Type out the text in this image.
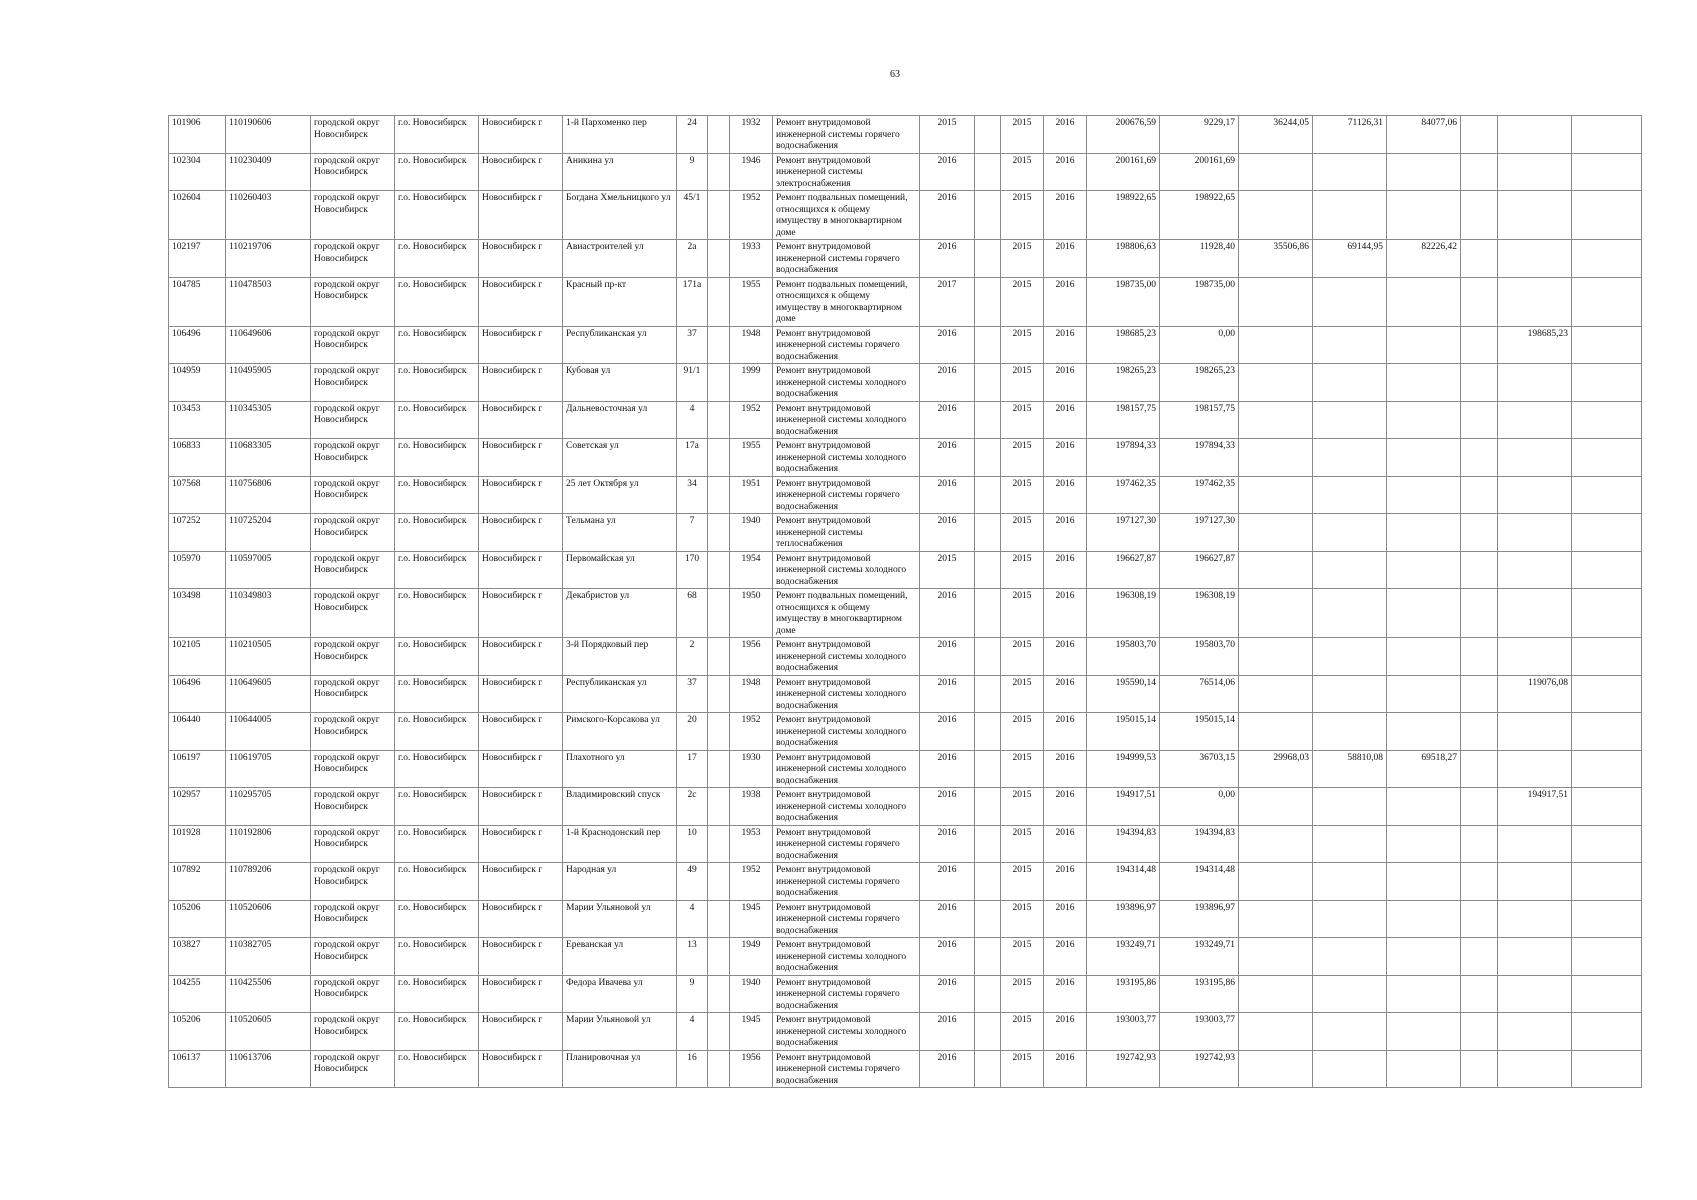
63
101906	110190606	городской округ Новосибирск	г.о. Новосибирск	Новосибирск г	1-й Пархоменко пер	24		1932	Ремонт внутридомовой инженерной системы горячего водоснабжения	2015		2015	2016	200676,59	9229,17	36244,05	71126,31	84077,06			
102304	110230409	городской округ Новосибирск	г.о. Новосибирск	Новосибирск г	Аникина ул	9		1946	Ремонт внутридомовой инженерной системы электроснабжения	2016		2015	2016	200161,69	200161,69						
102604	110260403	городской округ Новосибирск	г.о. Новосибирск	Новосибирск г	Богдана Хмельницкого ул	45/1		1952	Ремонт подвальных помещений, относящихся к общему имуществу в многоквартирном доме	2016		2015	2016	198922,65	198922,65						
102197	110219706	городской округ Новосибирск	г.о. Новосибирск	Новосибирск г	Авиастроителей ул	2а		1933	Ремонт внутридомовой инженерной системы горячего водоснабжения	2016		2015	2016	198806,63	11928,40	35506,86	69144,95	82226,42			
104785	110478503	городской округ Новосибирск	г.о. Новосибирск	Новосибирск г	Красный пр-кт	171а		1955	Ремонт подвальных помещений, относящихся к общему имуществу в многоквартирном доме	2017		2015	2016	198735,00	198735,00						
106496	110649606	городской округ Новосибирск	г.о. Новосибирск	Новосибирск г	Республиканская ул	37		1948	Ремонт внутридомовой инженерной системы горячего водоснабжения	2016		2015	2016	198685,23	0,00					198685,23	
104959	110495905	городской округ Новосибирск	г.о. Новосибирск	Новосибирск г	Кубовая ул	91/1		1999	Ремонт внутридомовой инженерной системы холодного водоснабжения	2016		2015	2016	198265,23	198265,23						
103453	110345305	городской округ Новосибирск	г.о. Новосибирск	Новосибирск г	Дальневосточная ул	4		1952	Ремонт внутридомовой инженерной системы холодного водоснабжения	2016		2015	2016	198157,75	198157,75						
106833	110683305	городской округ Новосибирск	г.о. Новосибирск	Новосибирск г	Советская ул	17а		1955	Ремонт внутридомовой инженерной системы холодного водоснабжения	2016		2015	2016	197894,33	197894,33						
107568	110756806	городской округ Новосибирск	г.о. Новосибирск	Новосибирск г	25 лет Октября ул	34		1951	Ремонт внутридомовой инженерной системы горячего водоснабжения	2016		2015	2016	197462,35	197462,35						
107252	110725204	городской округ Новосибирск	г.о. Новосибирск	Новосибирск г	Тельмана ул	7		1940	Ремонт внутридомовой инженерной системы теплоснабжения	2016		2015	2016	197127,30	197127,30						
105970	110597005	городской округ Новосибирск	г.о. Новосибирск	Новосибирск г	Первомайская ул	170		1954	Ремонт внутридомовой инженерной системы холодного водоснабжения	2015		2015	2016	196627,87	196627,87						
103498	110349803	городской округ Новосибирск	г.о. Новосибирск	Новосибирск г	Декабристов ул	68		1950	Ремонт подвальных помещений, относящихся к общему имуществу в многоквартирном доме	2016		2015	2016	196308,19	196308,19						
102105	110210505	городской округ Новосибирск	г.о. Новосибирск	Новосибирск г	3-й Порядковый пер	2		1956	Ремонт внутридомовой инженерной системы холодного водоснабжения	2016		2015	2016	195803,70	195803,70						
106496	110649605	городской округ Новосибирск	г.о. Новосибирск	Новосибирск г	Республиканская ул	37		1948	Ремонт внутридомовой инженерной системы холодного водоснабжения	2016		2015	2016	195590,14	76514,06					119076,08	
106440	110644005	городской округ Новосибирск	г.о. Новосибирск	Новосибирск г	Римского-Корсакова ул	20		1952	Ремонт внутридомовой инженерной системы холодного водоснабжения	2016		2015	2016	195015,14	195015,14						
106197	110619705	городской округ Новосибирск	г.о. Новосибирск	Новосибирск г	Плахотного ул	17		1930	Ремонт внутридомовой инженерной системы холодного водоснабжения	2016		2015	2016	194999,53	36703,15	29968,03	58810,08	69518,27			
102957	110295705	городской округ Новосибирск	г.о. Новосибирск	Новосибирск г	Владимировский спуск	2с		1938	Ремонт внутридомовой инженерной системы холодного водоснабжения	2016		2015	2016	194917,51	0,00					194917,51	
101928	110192806	городской округ Новосибирск	г.о. Новосибирск	Новосибирск г	1-й Краснодонский пер	10		1953	Ремонт внутридомовой инженерной системы горячего водоснабжения	2016		2015	2016	194394,83	194394,83						
107892	110789206	городской округ Новосибирск	г.о. Новосибирск	Новосибирск г	Народная ул	49		1952	Ремонт внутридомовой инженерной системы горячего водоснабжения	2016		2015	2016	194314,48	194314,48						
105206	110520606	городской округ Новосибирск	г.о. Новосибирск	Новосибирск г	Марии Ульяновой ул	4		1945	Ремонт внутридомовой инженерной системы горячего водоснабжения	2016		2015	2016	193896,97	193896,97						
103827	110382705	городской округ Новосибирск	г.о. Новосибирск	Новосибирск г	Ереванская ул	13		1949	Ремонт внутридомовой инженерной системы холодного водоснабжения	2016		2015	2016	193249,71	193249,71						
104255	110425506	городской округ Новосибирск	г.о. Новосибирск	Новосибирск г	Федора Ивачева ул	9		1940	Ремонт внутридомовой инженерной системы горячего водоснабжения	2016		2015	2016	193195,86	193195,86						
105206	110520605	городской округ Новосибирск	г.о. Новосибирск	Новосибирск г	Марии Ульяновой ул	4		1945	Ремонт внутридомовой инженерной системы холодного водоснабжения	2016		2015	2016	193003,77	193003,77						
106137	110613706	городской округ Новосибирск	г.о. Новосибирск	Новосибирск г	Планировочная ул	16		1956	Ремонт внутридомовой инженерной системы горячего водоснабжения	2016		2015	2016	192742,93	192742,93						
